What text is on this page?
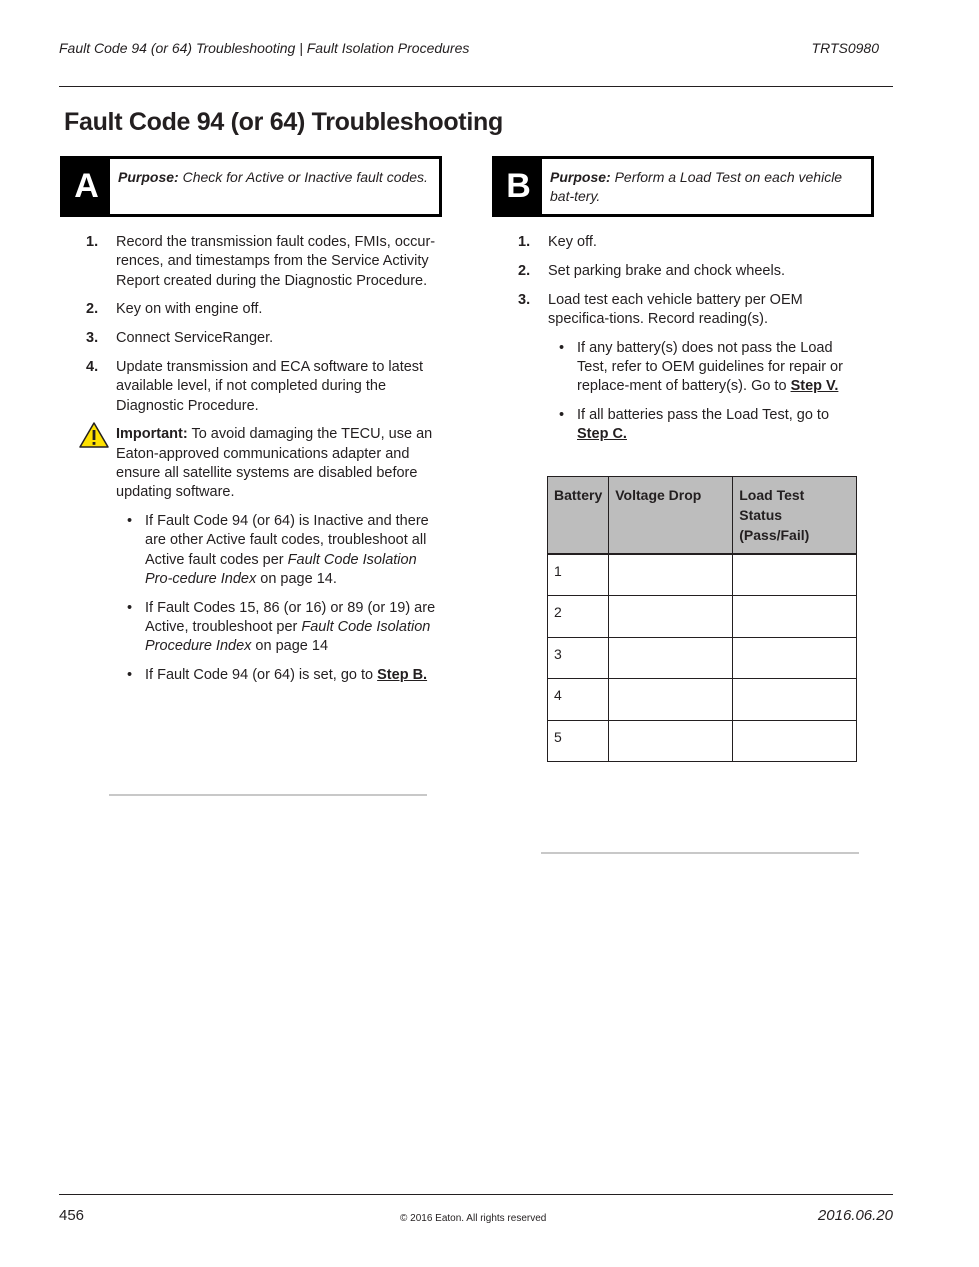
Fault Code 94 (or 64) Troubleshooting | Fault Isolation Procedures	TRTS0980
Fault Code 94 (or 64) Troubleshooting
A	Purpose: Check for Active or Inactive fault codes.
1. Record the transmission fault codes, FMIs, occur-rences, and timestamps from the Service Activity Report created during the Diagnostic Procedure.
2. Key on with engine off.
3. Connect ServiceRanger.
4. Update transmission and ECA software to latest available level, if not completed during the Diagnostic Procedure.
Important: To avoid damaging the TECU, use an Eaton-approved communications adapter and ensure all satellite systems are disabled before updating software.
• If Fault Code 94 (or 64) is Inactive and there are other Active fault codes, troubleshoot all Active fault codes per Fault Code Isolation Pro-cedure Index on page 14.
• If Fault Codes 15, 86 (or 16) or 89 (or 19) are Active, troubleshoot per Fault Code Isolation Procedure Index on page 14
• If Fault Code 94 (or 64) is set, go to Step B.
B	Purpose: Perform a Load Test on each vehicle bat-tery.
1. Key off.
2. Set parking brake and chock wheels.
3. Load test each vehicle battery per OEM specifica-tions. Record reading(s).
• If any battery(s) does not pass the Load Test, refer to OEM guidelines for repair or replace-ment of battery(s). Go to Step V.
• If all batteries pass the Load Test, go to Step C.
Battery	Voltage Drop	Load Test Status (Pass/Fail)
1		
2		
3		
4		
5		
456	© 2016 Eaton. All rights reserved	2016.06.20
